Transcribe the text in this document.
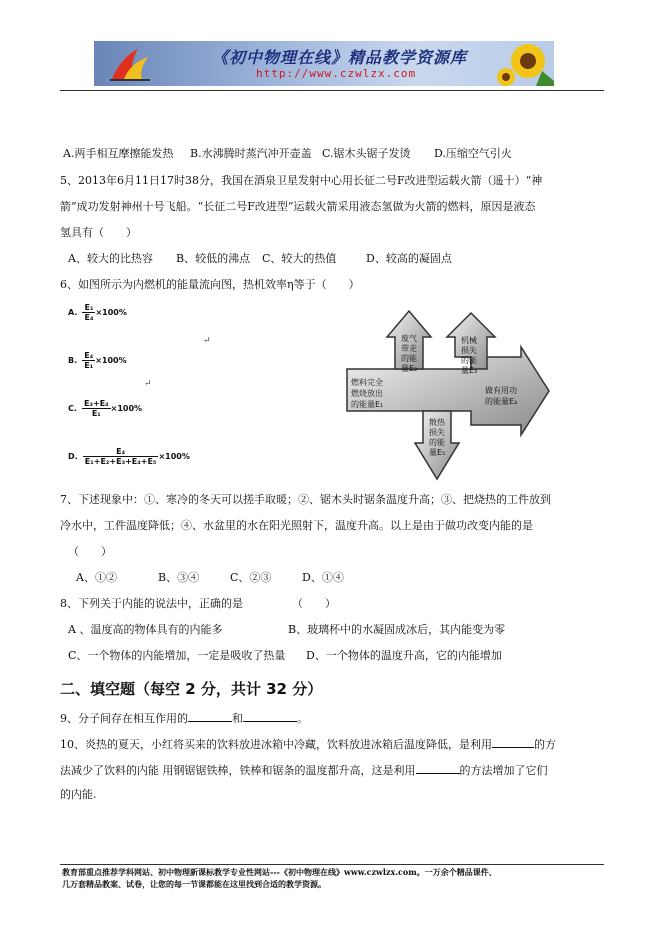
《初中物理在线》精品教学资源库
http://www.czwlzx.com
A.两手相互摩擦能发热 B.水沸腾时蒸汽冲开壶盖 C.锯木头锯子发烫 D.压缩空气引火
5、2013年6月11日17时38分，我国在酒泉卫星发射中心用长征二号F改进型运载火箭（遥十）“神
箭”成功发射神州十号飞船。“长征二号F改进型”运载火箭采用液态氢做为火箭的燃料，原因是液态
氢具有（　　）
A、较大的比热容 B、较低的沸点 C、较大的热值	D、较高的凝固点
6、如图所示为内燃机的能量流向图，热机效率η等于（　　）
A. $\frac{\text{E₁}}{\text{E₄}} \times 100\%$
↵
B. $\frac{\text{E₄}}{\text{E₁}} \times 100\%$
↵
C. $\frac{\text{E₃+E₄}}{\text{E₁}} \times 100\%$
D. $\frac{\text{E₄}}{\text{E₁+E₂+E₃+E₄+E₅}} \times 100\%$
燃料完全 燃烧放出 的能量E₁
废气 带走 的能 量E₂
机械 损失 的能 量E₃
做有用功 的能量E₄
散热 损失 的能 量E₅
7、下述现象中：①、寒冷的冬天可以搓手取暖；②、锯木头时锯条温度升高；③、把烧热的工件放到
冷水中，工件温度降低；④、水盆里的水在阳光照射下，温度升高。以上是由于做功改变内能的是
（　　）
A、①②	B、③④	C、②③	D、①④
8、下列关于内能的说法中，正确的是	（　　）
A 、温度高的物体具有的内能多	B、玻璃杯中的水凝固成冰后，其内能变为零
C、一个物体的内能增加，一定是吸收了热量 D、一个物体的温度升高，它的内能增加
二、填空题（每空 2 分，共计 32 分）
9、分子间存在相互作用的	和	。
10、炎热的夏天，小红将买来的饮料放进冰箱中冷藏，饮料放进冰箱后温度降低，是利用	的方
法减少了饮料的内能 用钢锯锯铁棒，铁棒和锯条的温度都升高，这是利用	的方法增加了它们
的内能.
教育部重点推荐学科网站、初中物理新课标教学专业性网站---《初中物理在线》www.czwlzx.com。一万余个精品课件、
几万套精品教案、试卷，让您的每一节课都能在这里找到合适的教学资源。
